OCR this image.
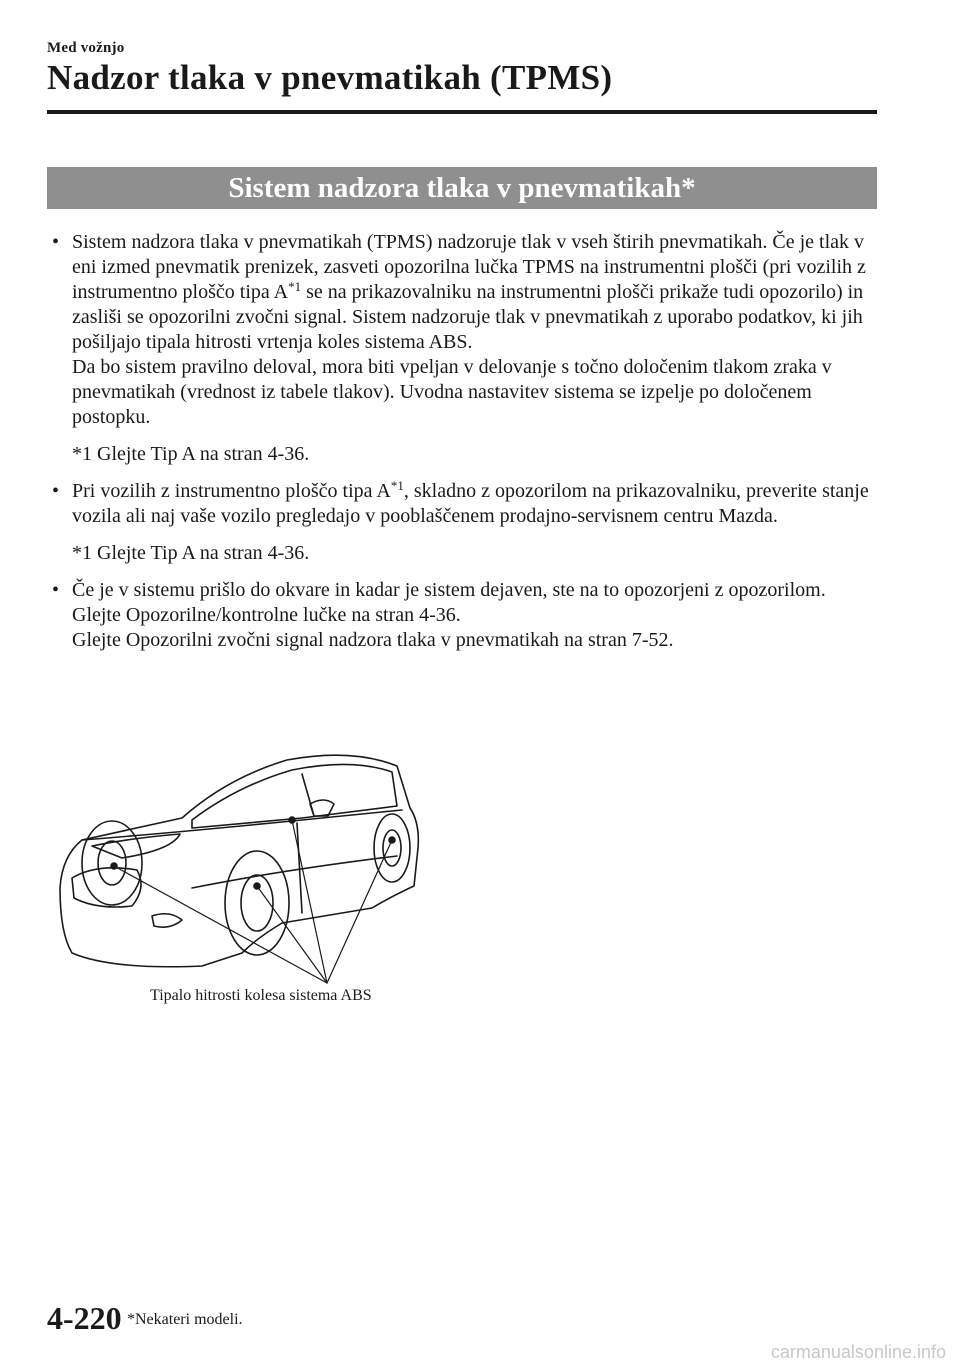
Med vožnjo
Nadzor tlaka v pnevmatikah (TPMS)
Sistem nadzora tlaka v pnevmatikah*
• Sistem nadzora tlaka v pnevmatikah (TPMS) nadzoruje tlak v vseh štirih pnevmatikah. Če je tlak v eni izmed pnevmatik prenizek, zasveti opozorilna lučka TPMS na instrumentni plošči (pri vozilih z instrumentno ploščo tipa $A^{*1}$ se na prikazovalniku na instrumentni plošči prikaže tudi opozorilo) in zasliši se opozorilni zvočni signal. Sistem nadzoruje tlak v pnevmatikah z uporabo podatkov, ki jih pošiljajo tipala hitrosti vrtenja koles sistema ABS.
Da bo sistem pravilno deloval, mora biti vpeljan v delovanje s točno določenim tlakom zraka v pnevmatikah (vrednost iz tabele tlakov). Uvodna nastavitev sistema se izpelje po določenem postopku.
*1 Glejte Tip A na stran 4-36.
• Pri vozilih z instrumentno ploščo tipa $A^{*1}$, skladno z opozorilom na prikazovalniku, preverite stanje vozila ali naj vaše vozilo pregledajo v pooblaščenem prodajno-servisnem centru Mazda.
*1 Glejte Tip A na stran 4-36.
• Če je v sistemu prišlo do okvare in kadar je sistem dejaven, ste na to opozorjeni z opozorilom.
Glejte Opozorilne/kontrolne lučke na stran 4-36.
Glejte Opozorilni zvočni signal nadzora tlaka v pnevmatikah na stran 7-52.
Tipalo hitrosti kolesa sistema ABS
4-220 *Nekateri modeli.
carmanualsonline.info
